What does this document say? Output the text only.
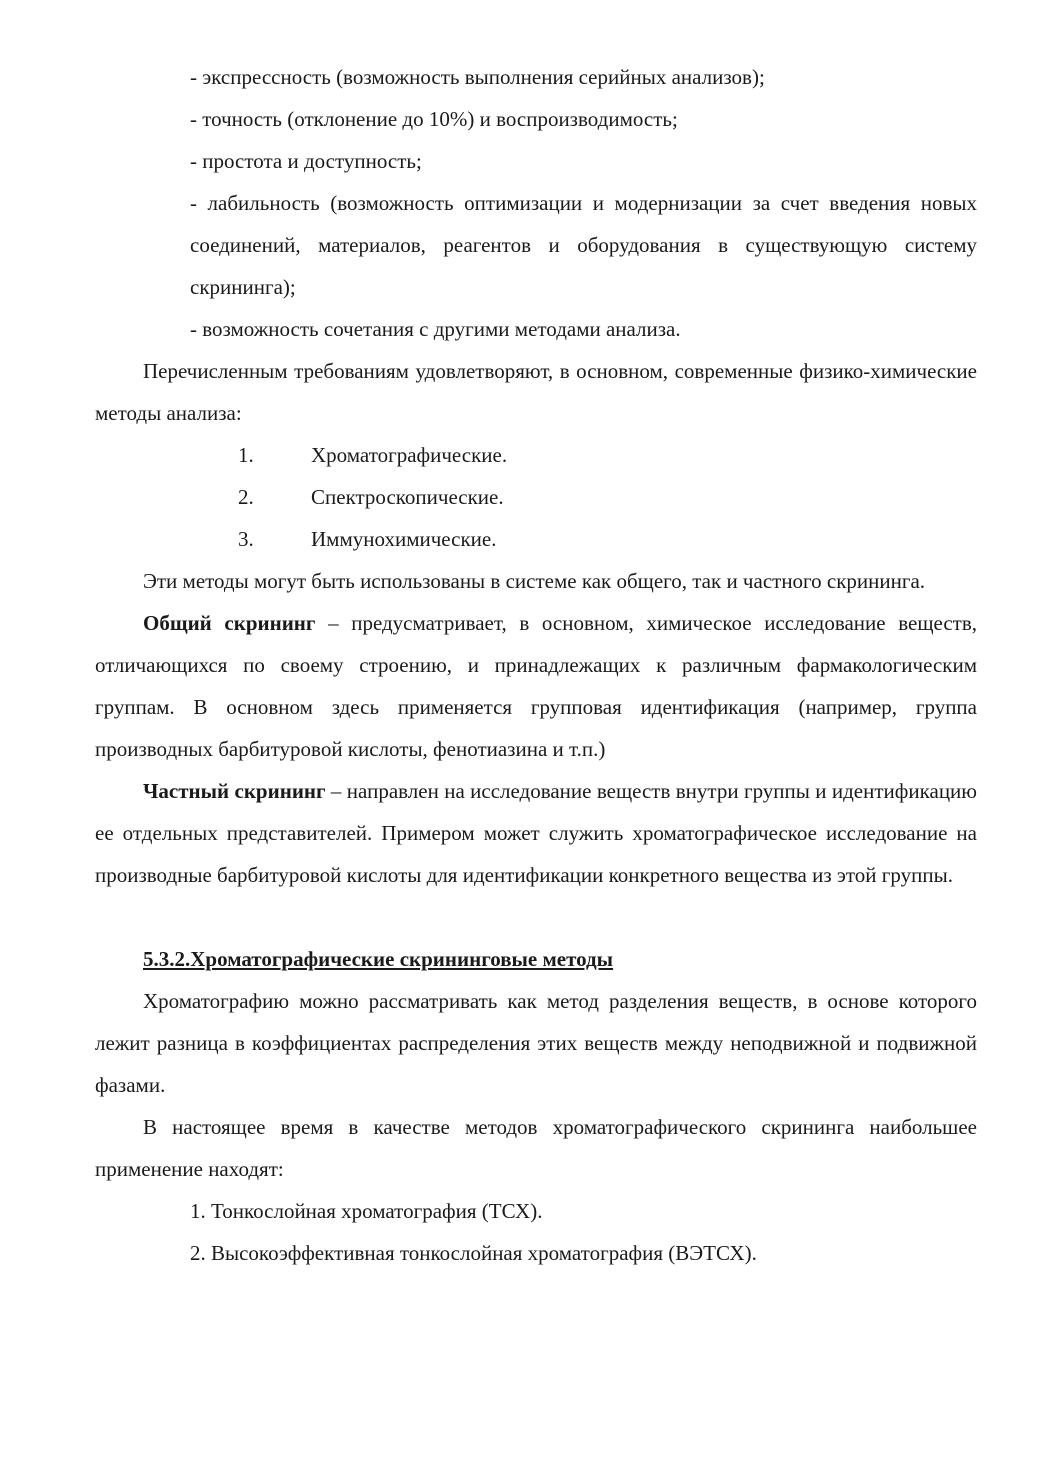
- экспрессность (возможность выполнения серийных анализов);
- точность (отклонение до 10%) и воспроизводимость;
- простота и доступность;
- лабильность (возможность оптимизации и модернизации за счет введения новых соединений, материалов, реагентов и оборудования в существующую систему скрининга);
- возможность сочетания с другими методами анализа.

Перечисленным требованиям удовлетворяют, в основном, современные физико-химические методы анализа:

1.	Хроматографические.
2.	Спектроскопические.
3.	Иммунохимические.

Эти методы могут быть использованы в системе как общего, так и частного скрининга.

Общий скрининг – предусматривает, в основном, химическое исследование веществ, отличающихся по своему строению, и принадлежащих к различным фармакологическим группам. В основном здесь применяется групповая идентификация (например, группа производных барбитуровой кислоты, фенотиазина и т.п.)

Частный скрининг – направлен на исследование веществ внутри группы и идентификацию ее отдельных представителей. Примером может служить хроматографическое исследование на производные барбитуровой кислоты для идентификации конкретного вещества из этой группы.

5.3.2.Хроматографические скрининговые методы

Хроматографию можно рассматривать как метод разделения веществ, в основе которого лежит разница в коэффициентах распределения этих веществ между неподвижной и подвижной фазами.

В настоящее время в качестве методов хроматографического скрининга наибольшее применение находят:

1. Тонкослойная хроматография (ТСХ).
2. Высокоэффективная тонкослойная хроматография (ВЭТСХ).
